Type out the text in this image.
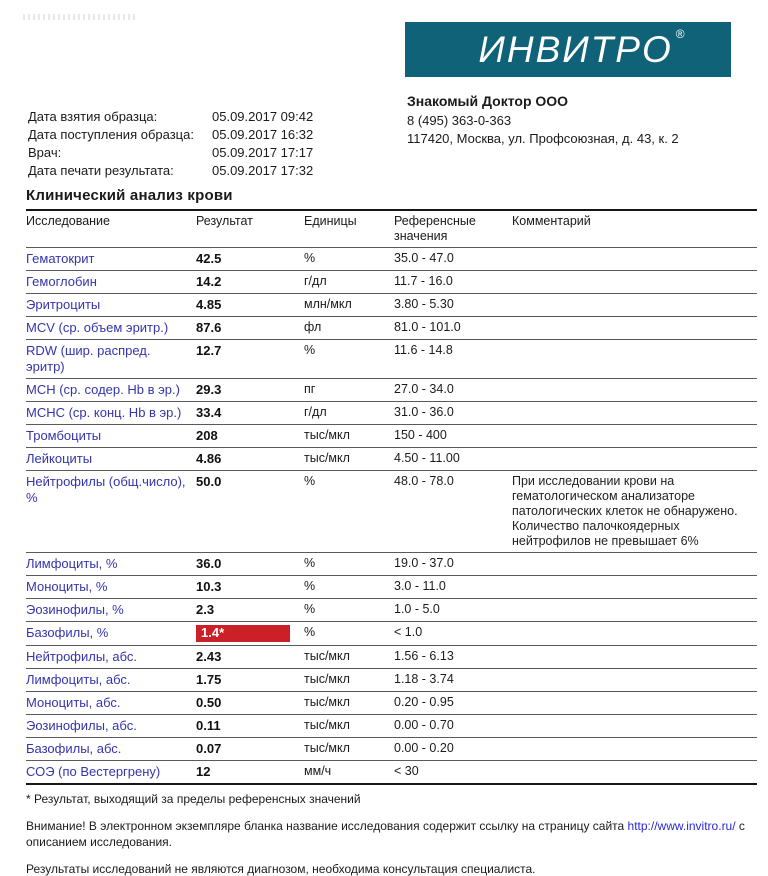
ИНВИТРО ®
Знакомый Доктор ООО
8 (495) 363-0-363
117420, Москва, ул. Профсоюзная, д. 43, к. 2
Дата взятия образца:	05.09.2017 09:42
Дата поступления образца:	05.09.2017 16:32
Врач:	05.09.2017 17:17
Дата печати результата:	05.09.2017 17:32
Клинический анализ крови
Исследование	Результат	Единицы	Референсные значения	Комментарий
Гематокрит	42.5	%	35.0 - 47.0	
Гемоглобин	14.2	г/дл	11.7 - 16.0	
Эритроциты	4.85	млн/мкл	3.80 - 5.30	
MCV (ср. объем эритр.)	87.6	фл	81.0 - 101.0	
RDW (шир. распред. эритр)	12.7	%	11.6 - 14.8	
MCH (ср. содер. Hb в эр.)	29.3	пг	27.0 - 34.0	
MCHC (ср. конц. Hb в эр.)	33.4	г/дл	31.0 - 36.0	
Тромбоциты	208	тыс/мкл	150 - 400	
Лейкоциты	4.86	тыс/мкл	4.50 - 11.00	
Нейтрофилы (общ.число), %	50.0	%	48.0 - 78.0	При исследовании крови на гематологическом анализаторе патологических клеток не обнаружено. Количество палочкоядерных нейтрофилов не превышает 6%
Лимфоциты, %	36.0	%	19.0 - 37.0	
Моноциты, %	10.3	%	3.0 - 11.0	
Эозинофилы, %	2.3	%	1.0 - 5.0	
Базофилы, %	1.4*	%	< 1.0	
Нейтрофилы, абс.	2.43	тыс/мкл	1.56 - 6.13	
Лимфоциты, абс.	1.75	тыс/мкл	1.18 - 3.74	
Моноциты, абс.	0.50	тыс/мкл	0.20 - 0.95	
Эозинофилы, абс.	0.11	тыс/мкл	0.00 - 0.70	
Базофилы, абс.	0.07	тыс/мкл	0.00 - 0.20	
СОЭ (по Вестергрену)	12	мм/ч	< 30	
* Результат, выходящий за пределы референсных значений
Внимание! В электронном экземпляре бланка название исследования содержит ссылку на страницу сайта http://www.invitro.ru/ с описанием исследования.
Результаты исследований не являются диагнозом, необходима консультация специалиста.
